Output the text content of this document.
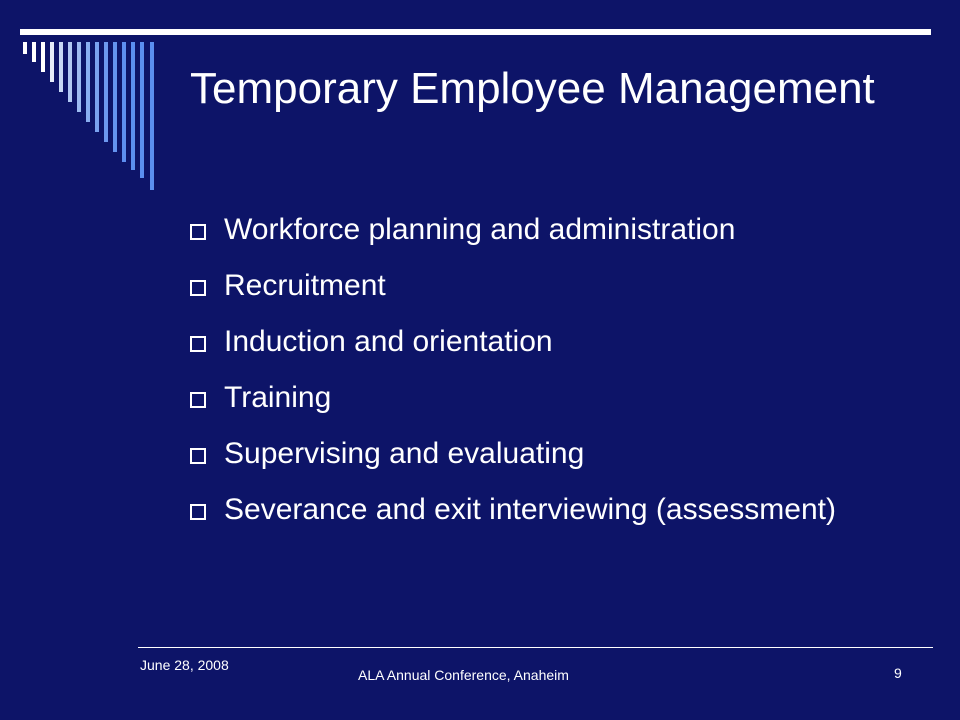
Temporary Employee Management
Workforce planning and administration
Recruitment
Induction and orientation
Training
Supervising and evaluating
Severance and exit interviewing (assessment)
June 28, 2008
ALA Annual Conference, Anaheim	9
